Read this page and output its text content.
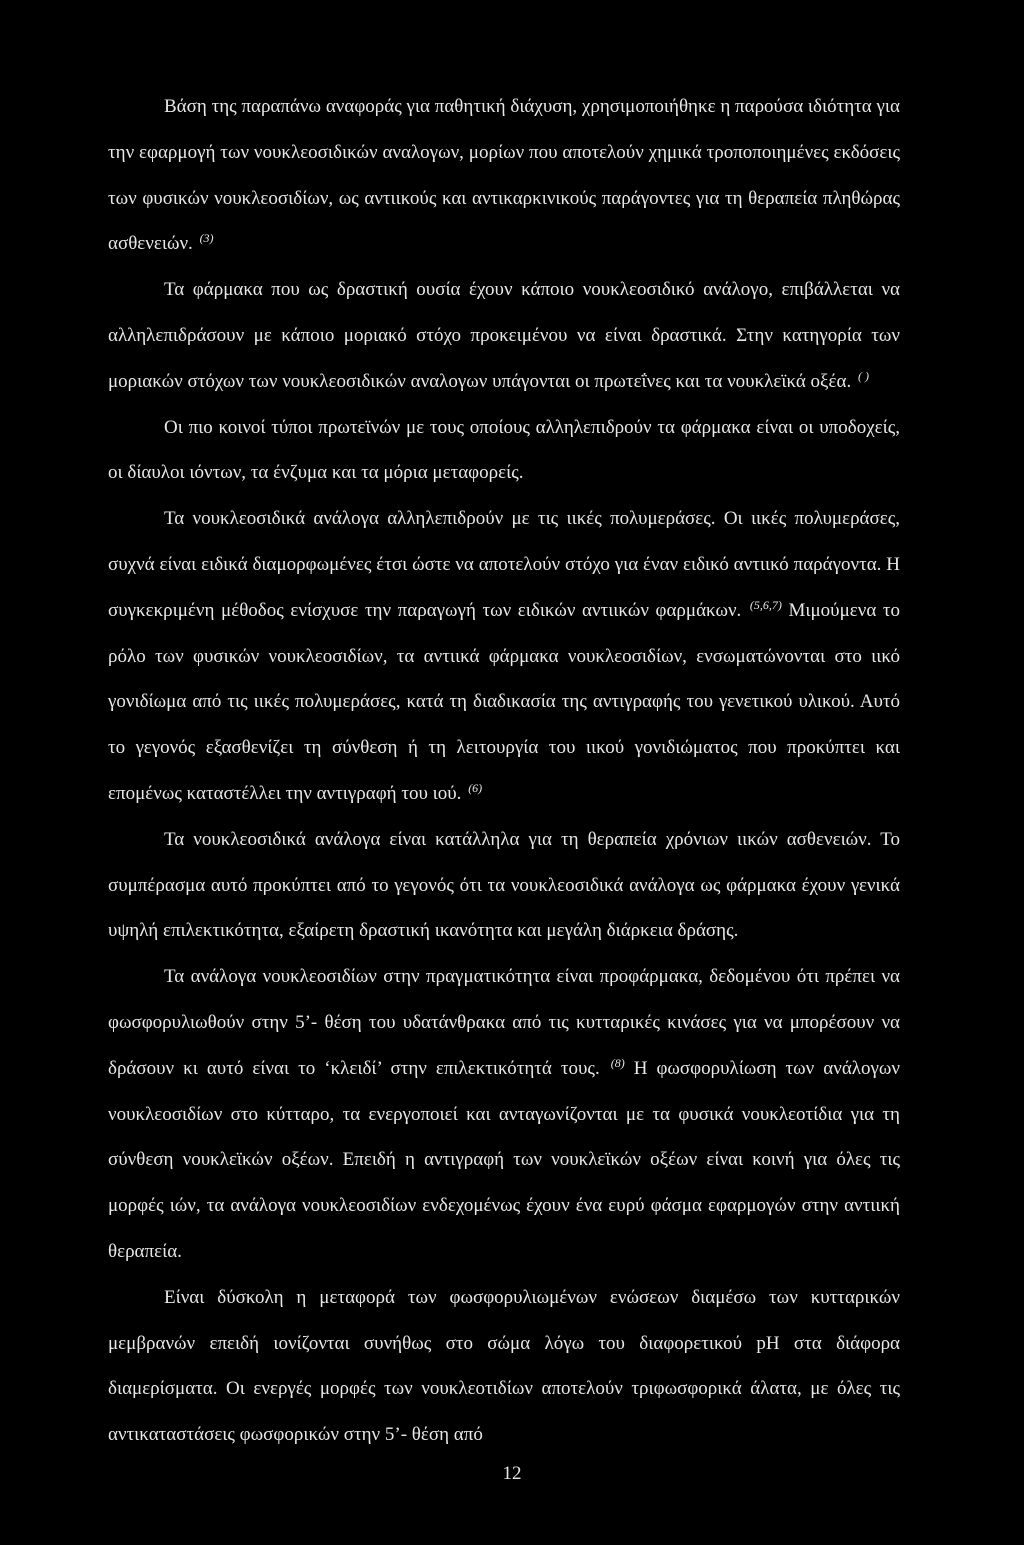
Βάση της παραπάνω αναφοράς για παθητική διάχυση, χρησιμοποιήθηκε η παρούσα ιδιότητα για την εφαρμογή των νουκλεοσιδικών αναλογων, μορίων που αποτελούν χημικά τροποποιημένες εκδόσεις των φυσικών νουκλεοσιδίων, ως αντιικούς και αντικαρκινικούς παράγοντες για τη θεραπεία πληθώρας ασθενειών. $^{(3)}$

Τα φάρμακα που ως δραστική ουσία έχουν κάποιο νουκλεοσιδικό ανάλογο, επιβάλλεται να αλληλεπιδράσουν με κάποιο μοριακό στόχο προκειμένου να είναι δραστικά. Στην κατηγορία των μοριακών στόχων των νουκλεοσιδικών αναλογων υπάγονται οι πρωτεΐνες και τα νουκλεϊκά οξέα. ( )

Οι πιο κοινοί τύποι πρωτεϊνών με τους οποίους αλληλεπιδρούν τα φάρμακα είναι οι υποδοχείς, οι δίαυλοι ιόντων, τα ένζυμα και τα μόρια μεταφορείς.

Τα νουκλεοσιδικά ανάλογα αλληλεπιδρούν με τις ιικές πολυμεράσες. Οι ιικές πολυμεράσες, συχνά είναι ειδικά διαμορφωμένες έτσι ώστε να αποτελούν στόχο για έναν ειδικό αντιικό παράγοντα. Η συγκεκριμένη μέθοδος ενίσχυσε την παραγωγή των ειδικών αντιικών φαρμάκων. $^{(5,6,7)}$ Μιμούμενα το ρόλο των φυσικών νουκλεοσιδίων, τα αντιικά φάρμακα νουκλεοσιδίων, ενσωματώνονται στο ιικό γονιδίωμα από τις ιικές πολυμεράσες, κατά τη διαδικασία της αντιγραφής του γενετικού υλικού. Αυτό το γεγονός εξασθενίζει τη σύνθεση ή τη λειτουργία του ιικού γονιδιώματος που προκύπτει και επομένως καταστέλλει την αντιγραφή του ιού. $^{(6)}$

Τα νουκλεοσιδικά ανάλογα είναι κατάλληλα για τη θεραπεία χρόνιων ιικών ασθενειών. Το συμπέρασμα αυτό προκύπτει από το γεγονός ότι τα νουκλεοσιδικά ανάλογα ως φάρμακα έχουν γενικά υψηλή επιλεκτικότητα, εξαίρετη δραστική ικανότητα και μεγάλη διάρκεια δράσης.

Τα ανάλογα νουκλεοσιδίων στην πραγματικότητα είναι προφάρμακα, δεδομένου ότι πρέπει να φωσφορυλιωθούν στην 5’- θέση του υδατάνθρακα από τις κυτταρικές κινάσες για να μπορέσουν να δράσουν κι αυτό είναι το ‘κλειδί’ στην επιλεκτικότητά τους. $^{(8)}$ Η φωσφορυλίωση των ανάλογων νουκλεοσιδίων στο κύτταρο, τα ενεργοποιεί και ανταγωνίζονται με τα φυσικά νουκλεοτίδια για τη σύνθεση νουκλεϊκών οξέων. Επειδή η αντιγραφή των νουκλεϊκών οξέων είναι κοινή για όλες τις μορφές ιών, τα ανάλογα νουκλεοσιδίων ενδεχομένως έχουν ένα ευρύ φάσμα εφαρμογών στην αντιική θεραπεία.

Είναι δύσκολη η μεταφορά των φωσφορυλιωμένων ενώσεων διαμέσω των κυτταρικών μεμβρανών επειδή ιονίζονται συνήθως στο σώμα λόγω του διαφορετικού pH στα διάφορα διαμερίσματα. Οι ενεργές μορφές των νουκλεοτιδίων αποτελούν τριφωσφορικά άλατα, με όλες τις αντικαταστάσεις φωσφορικών στην 5’- θέση από

12
